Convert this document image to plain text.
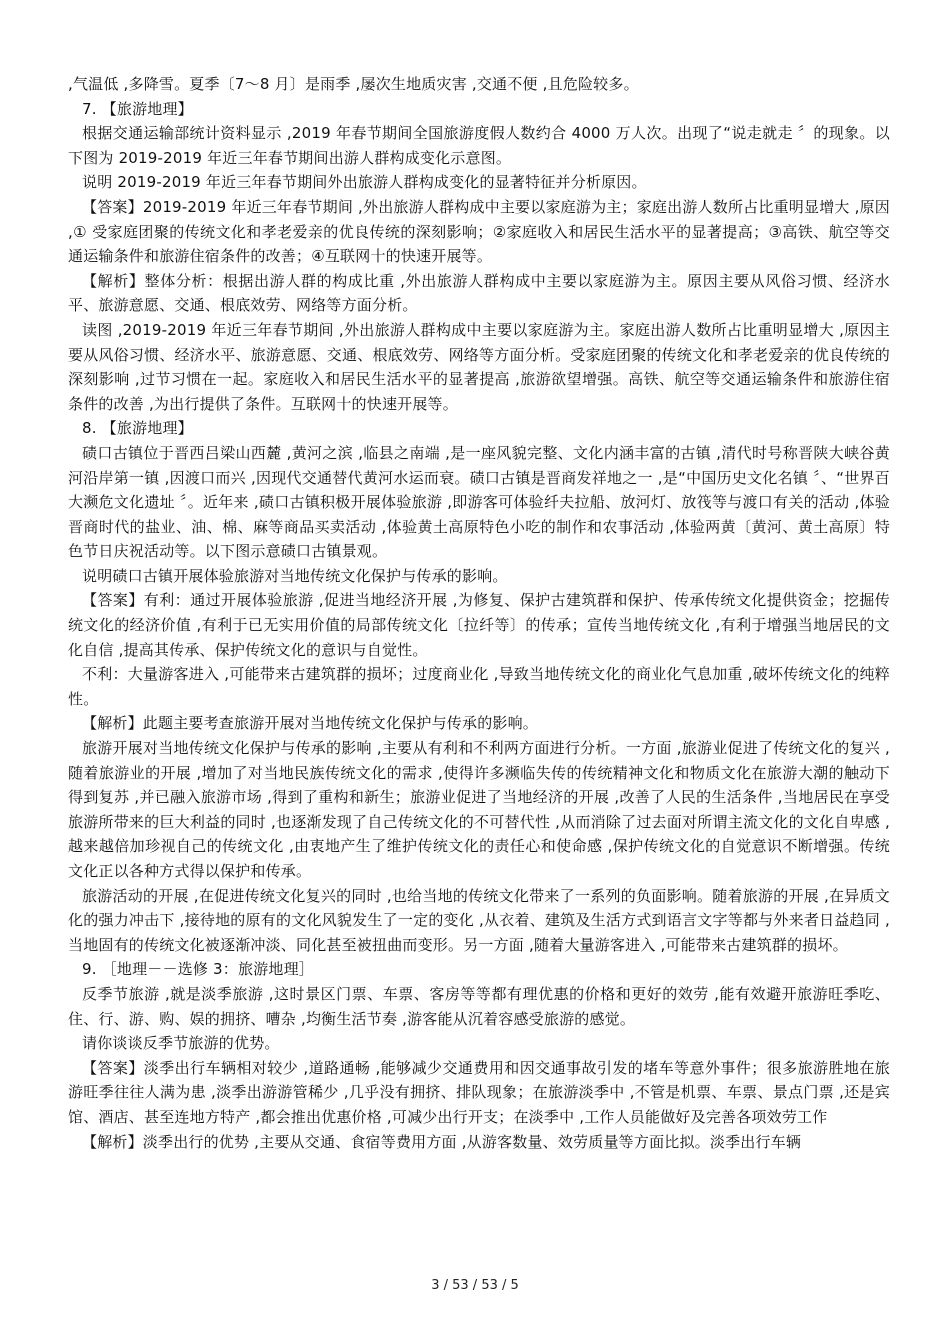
,气温低 ,多降雪。夏季〔7～8 月〕是雨季 ,屡次生地质灾害 ,交通不便 ,且危险较多。

7. 【旅游地理】

根据交通运输部统计资料显示 ,2019 年春节期间全国旅游度假人数约合 4000 万人次。出现了“说走就走 〞的现象。以下图为 2019-2019 年近三年春节期间出游人群构成变化示意图。

说明 2019-2019 年近三年春节期间外出旅游人群构成变化的显著特征并分析原因。

【答案】2019-2019 年近三年春节期间 ,外出旅游人群构成中主要以家庭游为主；家庭出游人数所占比重明显增大 ,原因 ,① 受家庭团聚的传统文化和孝老爱亲的优良传统的深刻影响；②家庭收入和居民生活水平的显著提高；③高铁、航空等交通运输条件和旅游住宿条件的改善；④互联网十的快速开展等。

【解析】整体分析：根据出游人群的构成比重 ,外出旅游人群构成中主要以家庭游为主。原因主要从风俗习惯、经济水平、旅游意愿、交通、根底效劳、网络等方面分析。

读图 ,2019-2019 年近三年春节期间 ,外出旅游人群构成中主要以家庭游为主。家庭出游人数所占比重明显增大 ,原因主要从风俗习惯、经济水平、旅游意愿、交通、根底效劳、网络等方面分析。受家庭团聚的传统文化和孝老爱亲的优良传统的深刻影响 ,过节习惯在一起。家庭收入和居民生活水平的显著提高 ,旅游欲望增强。高铁、航空等交通运输条件和旅游住宿条件的改善 ,为出行提供了条件。互联网十的快速开展等。

8. 【旅游地理】

碛口古镇位于晋西吕梁山西麓 ,黄河之滨 ,临县之南端 ,是一座风貌完整、文化内涵丰富的古镇 ,清代时号称晋陕大峡谷黄河沿岸第一镇 ,因渡口而兴 ,因现代交通替代黄河水运而衰。碛口古镇是晋商发祥地之一 ,是“中国历史文化名镇 〞、“世界百大濒危文化遗址 〞。近年来 ,碛口古镇积极开展体验旅游 ,即游客可体验纤夫拉船、放河灯、放筏等与渡口有关的活动 ,体验晋商时代的盐业、油、棉、麻等商品买卖活动 ,体验黄土高原特色小吃的制作和农事活动 ,体验两黄〔黄河、黄土高原〕特色节日庆祝活动等。以下图示意碛口古镇景观。

说明碛口古镇开展体验旅游对当地传统文化保护与传承的影响。

【答案】有利：通过开展体验旅游 ,促进当地经济开展 ,为修复、保护古建筑群和保护、传承传统文化提供资金；挖掘传统文化的经济价值 ,有利于已无实用价值的局部传统文化〔拉纤等〕的传承；宣传当地传统文化 ,有利于增强当地居民的文化自信 ,提高其传承、保护传统文化的意识与自觉性。

不利：大量游客进入 ,可能带来古建筑群的损坏；过度商业化 ,导致当地传统文化的商业化气息加重 ,破坏传统文化的纯粹性。

【解析】此题主要考查旅游开展对当地传统文化保护与传承的影响。

旅游开展对当地传统文化保护与传承的影响 ,主要从有利和不利两方面进行分析。一方面 ,旅游业促进了传统文化的复兴 ,随着旅游业的开展 ,增加了对当地民族传统文化的需求 ,使得许多濒临失传的传统精神文化和物质文化在旅游大潮的触动下得到复苏 ,并已融入旅游市场 ,得到了重构和新生；旅游业促进了当地经济的开展 ,改善了人民的生活条件 ,当地居民在享受旅游所带来的巨大利益的同时 ,也逐渐发现了自己传统文化的不可替代性 ,从而消除了过去面对所谓主流文化的文化自卑感 ,越来越倍加珍视自己的传统文化 ,由衷地产生了维护传统文化的责任心和使命感 ,保护传统文化的自觉意识不断增强。传统文化正以各种方式得以保护和传承。

旅游活动的开展 ,在促进传统文化复兴的同时 ,也给当地的传统文化带来了一系列的负面影响。随着旅游的开展 ,在异质文化的强力冲击下 ,接待地的原有的文化风貌发生了一定的变化 ,从衣着、建筑及生活方式到语言文字等都与外来者日益趋同 ,当地固有的传统文化被逐渐冲淡、同化甚至被扭曲而变形。另一方面 ,随着大量游客进入 ,可能带来古建筑群的损坏。

9. ［地理－－选修 3：旅游地理］

反季节旅游 ,就是淡季旅游 ,这时景区门票、车票、客房等等都有理优惠的价格和更好的效劳 ,能有效避开旅游旺季吃、住、行、游、购、娱的拥挤、嘈杂 ,均衡生活节奏 ,游客能从沉着容感受旅游的感觉。

请你谈谈反季节旅游的优势。

【答案】淡季出行车辆相对较少 ,道路通畅 ,能够减少交通费用和因交通事故引发的堵车等意外事件；很多旅游胜地在旅游旺季往往人满为患 ,淡季出游游管稀少 ,几乎没有拥挤、排队现象；在旅游淡季中 ,不管是机票、车票、景点门票 ,还是宾馆、酒店、甚至连地方特产 ,都会推出优惠价格 ,可减少出行开支；在淡季中 ,工作人员能做好及完善各项效劳工作

【解析】淡季出行的优势 ,主要从交通、食宿等费用方面 ,从游客数量、效劳质量等方面比拟。淡季出行车辆

3 / 53 / 53 / 5
